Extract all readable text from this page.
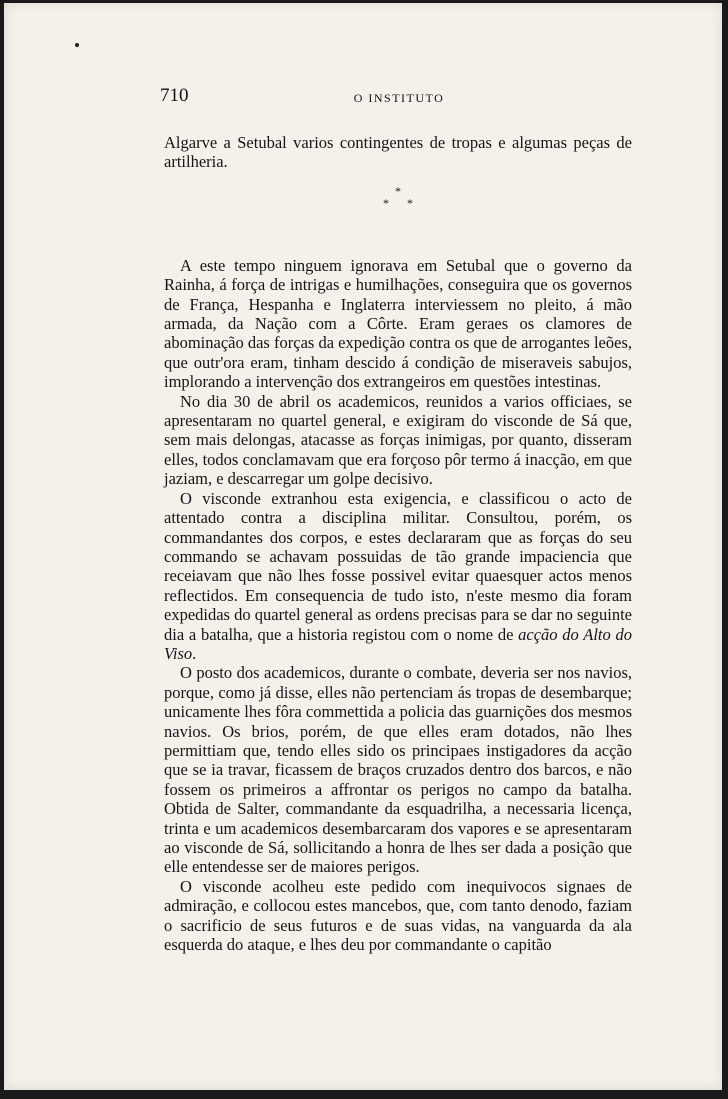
710	O INSTITUTO

Algarve a Setubal varios contingentes de tropas e algumas peças de artilheria.

*
* *

A este tempo ninguem ignorava em Setubal que o governo da Rainha, á força de intrigas e humilhações, conseguira que os governos de França, Hespanha e Inglaterra interviessem no pleito, á mão armada, da Nação com a Côrte. Eram geraes os clamores de abominação das forças da expedição contra os que de arrogantes leões, que outr'ora eram, tinham descido á condição de miseraveis sabujos, implorando a intervenção dos extrangeiros em questões intestinas.

No dia 30 de abril os academicos, reunidos a varios officiaes, se apresentaram no quartel general, e exigiram do visconde de Sá que, sem mais delongas, atacasse as forças inimigas, por quanto, disseram elles, todos conclamavam que era forçoso pôr termo á inacção, em que jaziam, e descarregar um golpe decisivo.

O visconde extranhou esta exigencia, e classificou o acto de attentado contra a disciplina militar. Consultou, porém, os commandantes dos corpos, e estes declararam que as forças do seu commando se achavam possuidas de tão grande impaciencia que receiavam que não lhes fosse possivel evitar quaesquer actos menos reflectidos. Em consequencia de tudo isto, n'este mesmo dia foram expedidas do quartel general as ordens precisas para se dar no seguinte dia a batalha, que a historia registou com o nome de acção do Alto do Viso.

O posto dos academicos, durante o combate, deveria ser nos navios, porque, como já disse, elles não pertenciam ás tropas de desembarque; unicamente lhes fôra commettida a policia das guarnições dos mesmos navios. Os brios, porém, de que elles eram dotados, não lhes permittiam que, tendo elles sido os principaes instigadores da acção que se ia travar, ficassem de braços cruzados dentro dos barcos, e não fossem os primeiros a affrontar os perigos no campo da batalha. Obtida de Salter, commandante da esquadrilha, a necessaria licença, trinta e um academicos desembarcaram dos vapores e se apresentaram ao visconde de Sá, sollicitando a honra de lhes ser dada a posição que elle entendesse ser de maiores perigos.

O visconde acolheu este pedido com inequivocos signaes de admiração, e collocou estes mancebos, que, com tanto denodo, faziam o sacrificio de seus futuros e de suas vidas, na vanguarda da ala esquerda do ataque, e lhes deu por commandante o capitão
